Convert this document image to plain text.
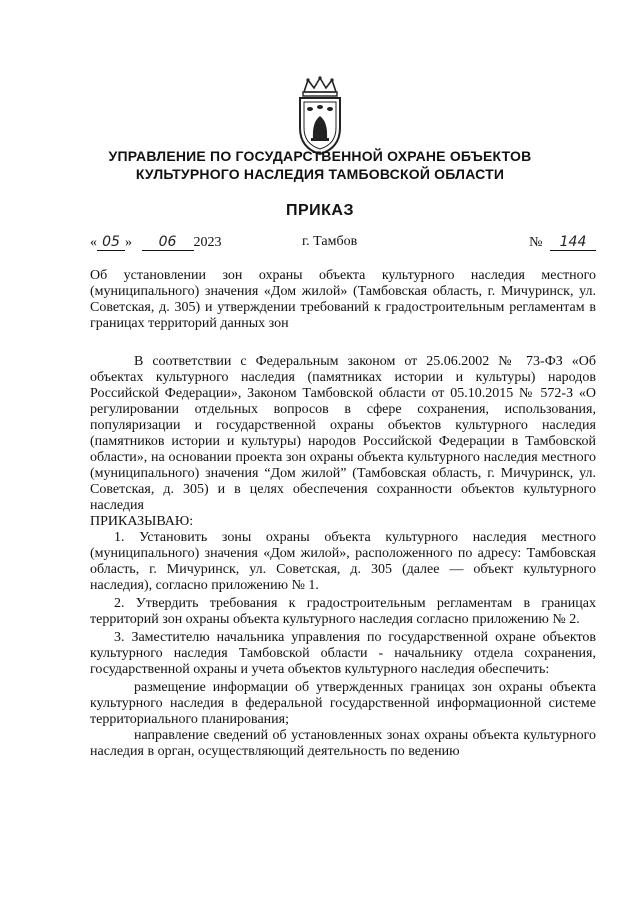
УПРАВЛЕНИЕ ПО ГОСУДАРСТВЕННОЙ ОХРАНЕ ОБЪЕКТОВ
КУЛЬТУРНОГО НАСЛЕДИЯ ТАМБОВСКОЙ ОБЛАСТИ
ПРИКАЗ
« 05 » 06 2023	г. Тамбов	№ 144
Об установлении зон охраны объекта культурного наследия местного (муниципального) значения «Дом жилой» (Тамбовская область, г. Мичуринск, ул. Советская, д. 305) и утверждении требований к градостроительным регламентам в границах территорий данных зон

В соответствии с Федеральным законом от 25.06.2002 № 73-ФЗ «Об объектах культурного наследия (памятниках истории и культуры) народов Российской Федерации», Законом Тамбовской области от 05.10.2015 № 572-З «О регулировании отдельных вопросов в сфере сохранения, использования, популяризации и государственной охраны объектов культурного наследия (памятников истории и культуры) народов Российской Федерации в Тамбовской области», на основании проекта зон охраны объекта культурного наследия местного (муниципального) значения “Дом жилой” (Тамбовская область, г. Мичуринск, ул. Советская, д. 305) и в целях обеспечения сохранности объектов культурного наследия

ПРИКАЗЫВАЮ:

1. Установить зоны охраны объекта культурного наследия местного (муниципального) значения «Дом жилой», расположенного по адресу: Тамбовская область, г. Мичуринск, ул. Советская, д. 305 (далее — объект культурного наследия), согласно приложению № 1.

2. Утвердить требования к градостроительным регламентам в границах территорий зон охраны объекта культурного наследия согласно приложению № 2.

3. Заместителю начальника управления по государственной охране объектов культурного наследия Тамбовской области - начальнику отдела сохранения, государственной охраны и учета объектов культурного наследия обеспечить:

размещение информации об утвержденных границах зон охраны объекта культурного наследия в федеральной государственной информационной системе территориального планирования;

направление сведений об установленных зонах охраны объекта культурного наследия в орган, осуществляющий деятельность по ведению
